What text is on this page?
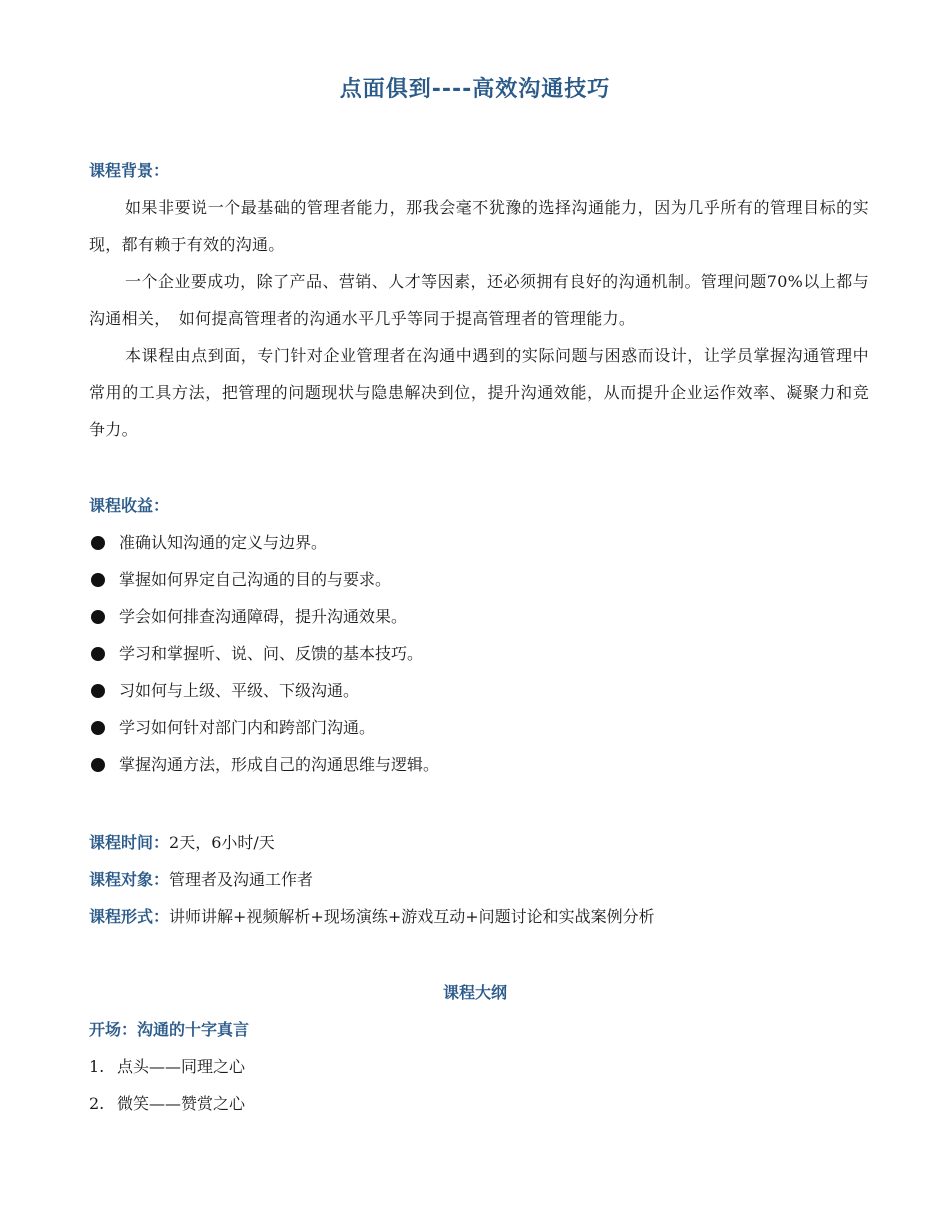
点面俱到----高效沟通技巧
课程背景：
如果非要说一个最基础的管理者能力，那我会毫不犹豫的选择沟通能力，因为几乎所有的管理目标的实现，都有赖于有效的沟通。
一个企业要成功，除了产品、营销、人才等因素，还必须拥有良好的沟通机制。管理问题70%以上都与沟通相关，　如何提高管理者的沟通水平几乎等同于提高管理者的管理能力。
本课程由点到面，专门针对企业管理者在沟通中遇到的实际问题与困惑而设计，让学员掌握沟通管理中常用的工具方法，把管理的问题现状与隐患解决到位，提升沟通效能，从而提升企业运作效率、凝聚力和竞争力。
课程收益：
准确认知沟通的定义与边界。
掌握如何界定自己沟通的目的与要求。
学会如何排查沟通障碍，提升沟通效果。
学习和掌握听、说、问、反馈的基本技巧。
习如何与上级、平级、下级沟通。
学习如何针对部门内和跨部门沟通。
掌握沟通方法，形成自己的沟通思维与逻辑。
课程时间：2天，6小时/天
课程对象：管理者及沟通工作者
课程形式：讲师讲解+视频解析+现场演练+游戏互动+问题讨论和实战案例分析
课程大纲
开场：沟通的十字真言
1. 点头——同理之心
2. 微笑——赞赏之心
